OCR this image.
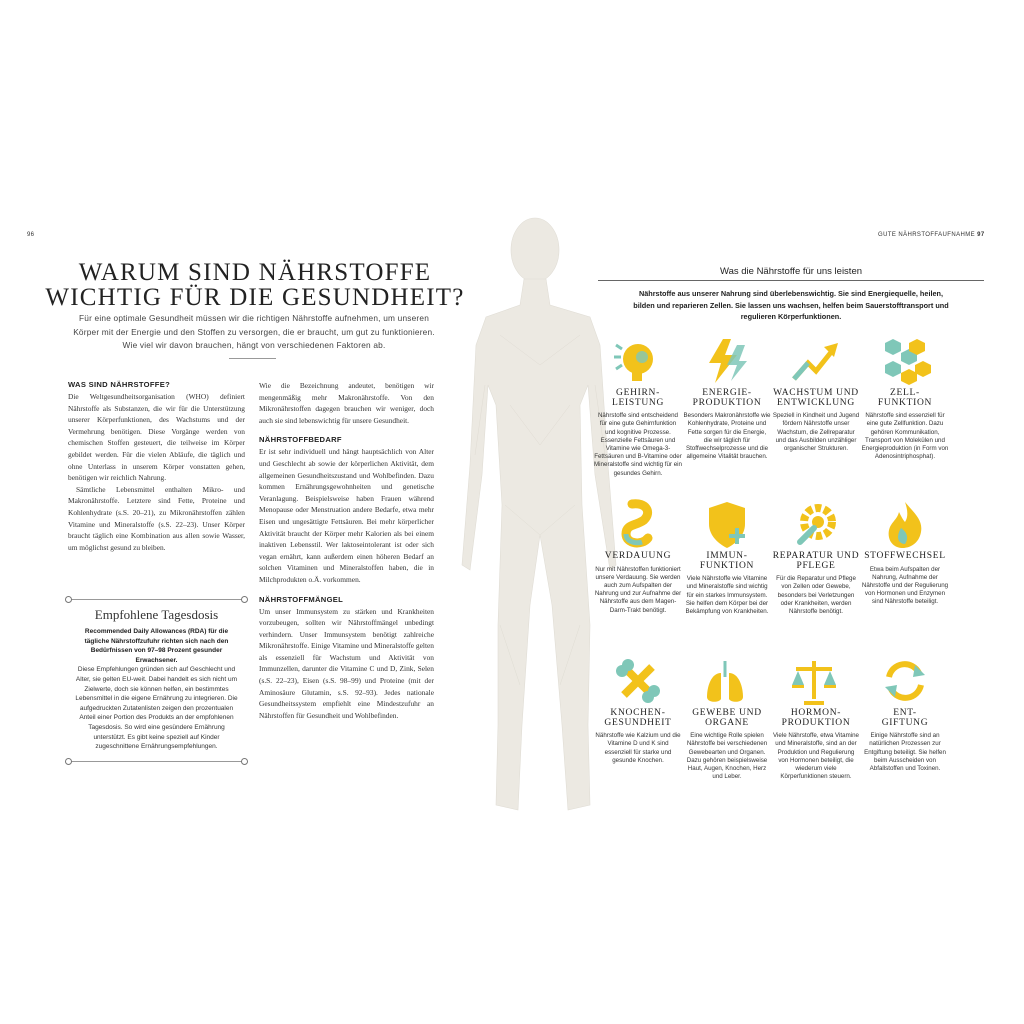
96	GUTE NÄHRSTOFFAUFNAHME 97
WARUM SIND NÄHRSTOFFE
WICHTIG FÜR DIE GESUNDHEIT?
Für eine optimale Gesundheit müssen wir die richtigen Nährstoffe aufnehmen, um unseren Körper mit der Energie und den Stoffen zu versorgen, die er braucht, um gut zu funktionieren. Wie viel wir davon brauchen, hängt von verschiedenen Faktoren ab.
WAS SIND NÄHRSTOFFE?
Die Weltgesundheitsorganisation (WHO) definiert Nährstoffe als Substanzen, die wir für die Unterstützung unserer Körperfunktionen, des Wachstums und der Vermehrung benötigen. Diese Vorgänge werden von chemischen Stoffen gesteuert, die teilweise im Körper gebildet werden. Für die vielen Abläufe, die täglich und ohne Unterlass in unserem Körper vonstatten gehen, benötigen wir reichlich Nahrung.
Sämtliche Lebensmittel enthalten Mikro- und Makronährstoffe. Letztere sind Fette, Proteine und Kohlenhydrate (s.S. 20–21), zu Mikronährstoffen zählen Vitamine und Mineralstoffe (s.S. 22–23). Unser Körper braucht täglich eine Kombination aus allen sowie Wasser, um möglichst gesund zu bleiben.
Empfohlene Tagesdosis
Recommended Daily Allowances (RDA) für die tägliche Nährstoffzufuhr richten sich nach den Bedürfnissen von 97–98 Prozent gesunder Erwachsener.
Diese Empfehlungen gründen sich auf Geschlecht und Alter, sie gelten EU-weit. Dabei handelt es sich nicht um Zielwerte, doch sie können helfen, ein bestimmtes Lebensmittel in die eigene Ernährung zu integrieren. Die aufgedruckten Zutatenlisten zeigen den prozentualen Anteil einer Portion des Produkts an der empfohlenen Tagesdosis. So wird eine gesündere Ernährung unterstützt. Es gibt keine speziell auf Kinder zugeschnittene Ernährungsempfehlungen.
Wie die Bezeichnung andeutet, benötigen wir mengenmäßig mehr Makronährstoffe. Von den Mikronährstoffen dagegen brauchen wir weniger, doch auch sie sind lebenswichtig für unsere Gesundheit.
NÄHRSTOFFBEDARF
Er ist sehr individuell und hängt hauptsächlich von Alter und Geschlecht ab sowie der körperlichen Aktivität, dem allgemeinen Gesundheitszustand und Wohlbefinden. Dazu kommen Ernährungsgewohnheiten und genetische Veranlagung. Beispielsweise haben Frauen während Menopause oder Menstruation andere Bedarfe, etwa mehr Eisen und ungesättigte Fettsäuren. Bei mehr körperlicher Aktivität braucht der Körper mehr Kalorien als bei einem inaktiven Lebensstil. Wer laktoseintolerant ist oder sich vegan ernährt, kann außerdem einen höheren Bedarf an solchen Vitaminen und Mineralstoffen haben, die in Milchprodukten o.Ä. vorkommen.
NÄHRSTOFFMÄNGEL
Um unser Immunsystem zu stärken und Krankheiten vorzubeugen, sollten wir Nährstoffmängel unbedingt verhindern. Unser Immunsystem benötigt zahlreiche Mikronährstoffe. Einige Vitamine und Mineralstoffe gelten als essenziell für Wachstum und Aktivität von Immunzellen, darunter die Vitamine C und D, Zink, Selen (s.S. 22–23), Eisen (s.S. 98–99) und Proteine (mit der Aminosäure Glutamin, s.S. 92–93). Jedes nationale Gesundheitssystem empfiehlt eine Mindestzufuhr an Nährstoffen für Gesundheit und Wohlbefinden.
Was die Nährstoffe für uns leisten
Nährstoffe aus unserer Nahrung sind überlebenswichtig. Sie sind Energiequelle, heilen, bilden und reparieren Zellen. Sie lassen uns wachsen, helfen beim Sauerstofftransport und regulieren Körperfunktionen.
GEHIRN-
LEISTUNG
Nährstoffe sind entscheidend für eine gute Gehirnfunktion und kognitive Prozesse. Essenzielle Fettsäuren und Vitamine wie Omega-3-Fettsäuren und B-Vitamine oder Mineralstoffe sind wichtig für ein gesundes Gehirn.
ENERGIE-
PRODUKTION
Besonders Makronährstoffe wie Kohlenhydrate, Proteine und Fette sorgen für die Energie, die wir täglich für Stoffwechselprozesse und die allgemeine Vitalität brauchen.
WACHSTUM UND
ENTWICKLUNG
Speziell in Kindheit und Jugend fördern Nährstoffe unser Wachstum, die Zellreparatur und das Ausbilden unzähliger organischer Strukturen.
ZELL-
FUNKTION
Nährstoffe sind essenziell für eine gute Zellfunktion. Dazu gehören Kommunikation, Transport von Molekülen und Energieproduktion (in Form von Adenosintriphosphat).
VERDAUUNG
Nur mit Nährstoffen funktioniert unsere Verdauung. Sie werden auch zum Aufspalten der Nahrung und zur Aufnahme der Nährstoffe aus dem Magen-Darm-Trakt benötigt.
IMMUN-
FUNKTION
Viele Nährstoffe wie Vitamine und Mineralstoffe sind wichtig für ein starkes Immunsystem. Sie helfen dem Körper bei der Bekämpfung von Krankheiten.
REPARATUR UND
PFLEGE
Für die Reparatur und Pflege von Zellen oder Gewebe, besonders bei Verletzungen oder Krankheiten, werden Nährstoffe benötigt.
STOFFWECHSEL
Etwa beim Aufspalten der Nahrung, Aufnahme der Nährstoffe und der Regulierung von Hormonen und Enzymen sind Nährstoffe beteiligt.
KNOCHEN-
GESUNDHEIT
Nährstoffe wie Kalzium und die Vitamine D und K sind essenziell für starke und gesunde Knochen.
GEWEBE UND
ORGANE
Eine wichtige Rolle spielen Nährstoffe bei verschiedenen Gewebearten und Organen. Dazu gehören beispielsweise Haut, Augen, Knochen, Herz und Leber.
HORMON-
PRODUKTION
Viele Nährstoffe, etwa Vitamine und Mineralstoffe, sind an der Produktion und Regulierung von Hormonen beteiligt, die wiederum viele Körperfunktionen steuern.
ENT-
GIFTUNG
Einige Nährstoffe sind an natürlichen Prozessen zur Entgiftung beteiligt. Sie helfen beim Ausscheiden von Abfallstoffen und Toxinen.
